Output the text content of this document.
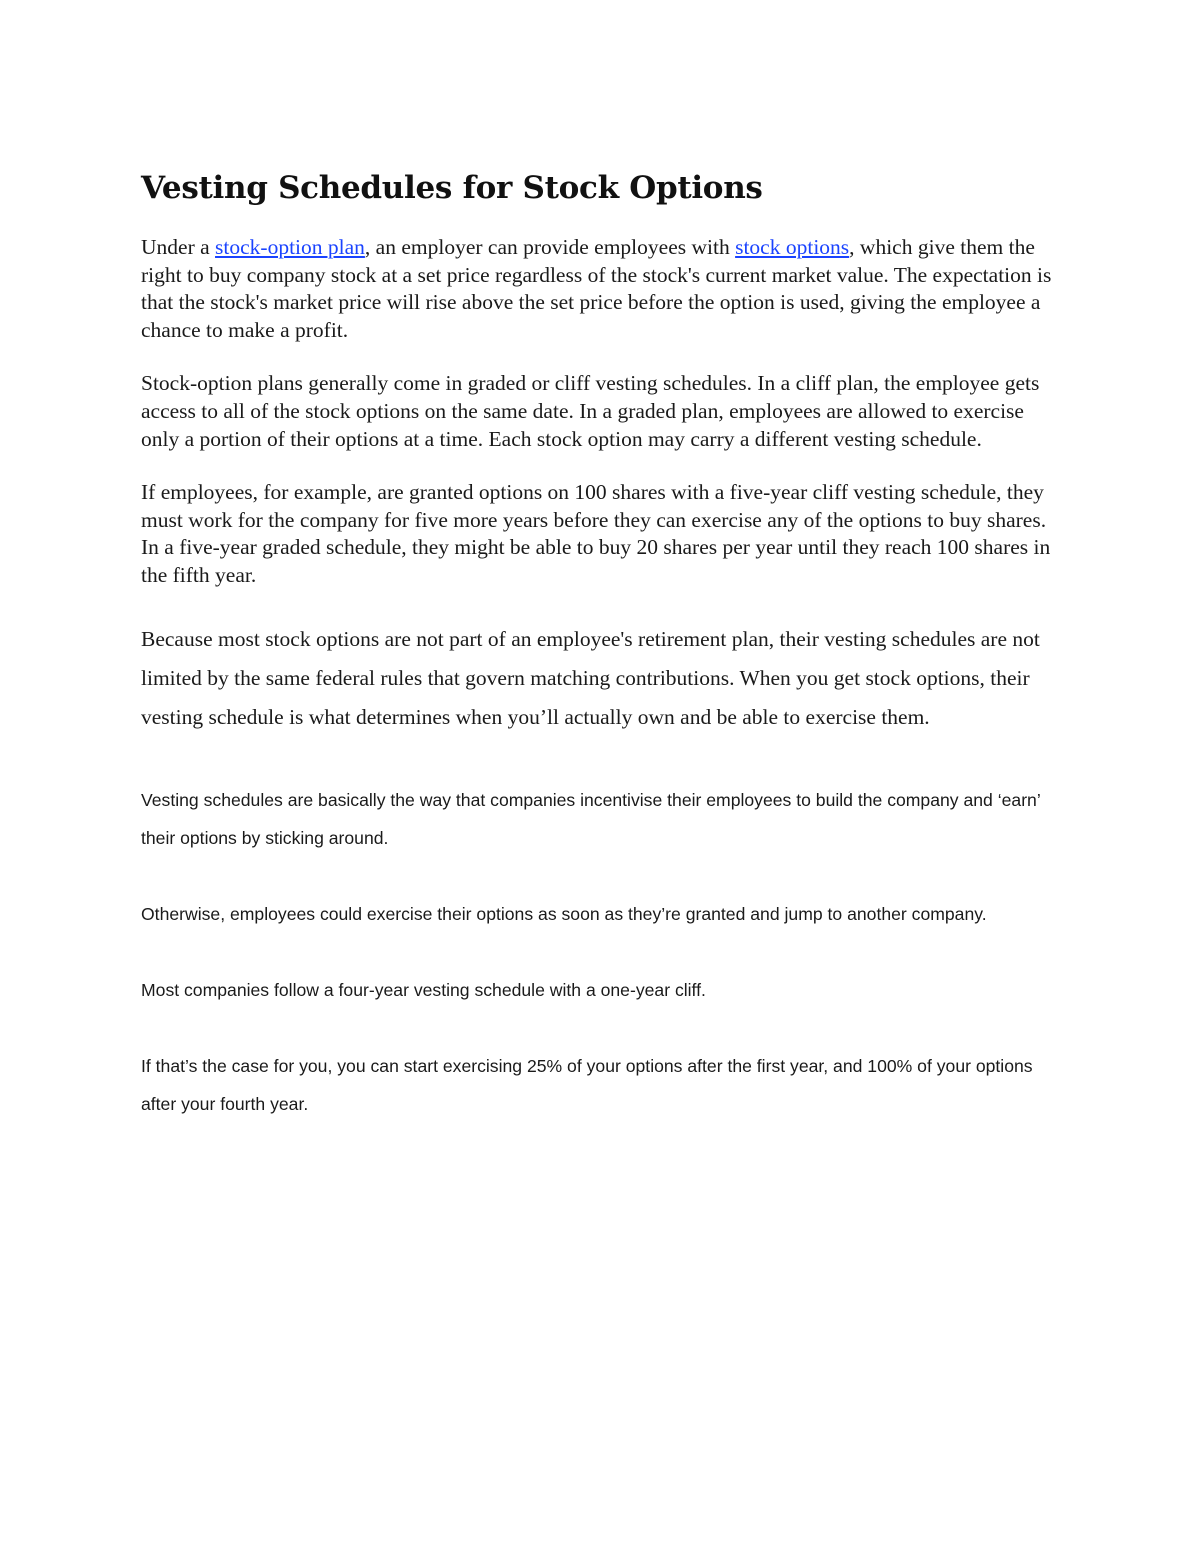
Vesting Schedules for Stock Options

Under a stock-option plan, an employer can provide employees with stock options, which give them the right to buy company stock at a set price regardless of the stock's current market value. The expectation is that the stock's market price will rise above the set price before the option is used, giving the employee a chance to make a profit.

Stock-option plans generally come in graded or cliff vesting schedules. In a cliff plan, the employee gets access to all of the stock options on the same date. In a graded plan, employees are allowed to exercise only a portion of their options at a time. Each stock option may carry a different vesting schedule.

If employees, for example, are granted options on 100 shares with a five-year cliff vesting schedule, they must work for the company for five more years before they can exercise any of the options to buy shares. In a five-year graded schedule, they might be able to buy 20 shares per year until they reach 100 shares in the fifth year.

Because most stock options are not part of an employee's retirement plan, their vesting schedules are not limited by the same federal rules that govern matching contributions. When you get stock options, their vesting schedule is what determines when you’ll actually own and be able to exercise them.

Vesting schedules are basically the way that companies incentivise their employees to build the company and ‘earn’ their options by sticking around.

Otherwise, employees could exercise their options as soon as they’re granted and jump to another company.

Most companies follow a four-year vesting schedule with a one-year cliff.

If that’s the case for you, you can start exercising 25% of your options after the first year, and 100% of your options after your fourth year.
